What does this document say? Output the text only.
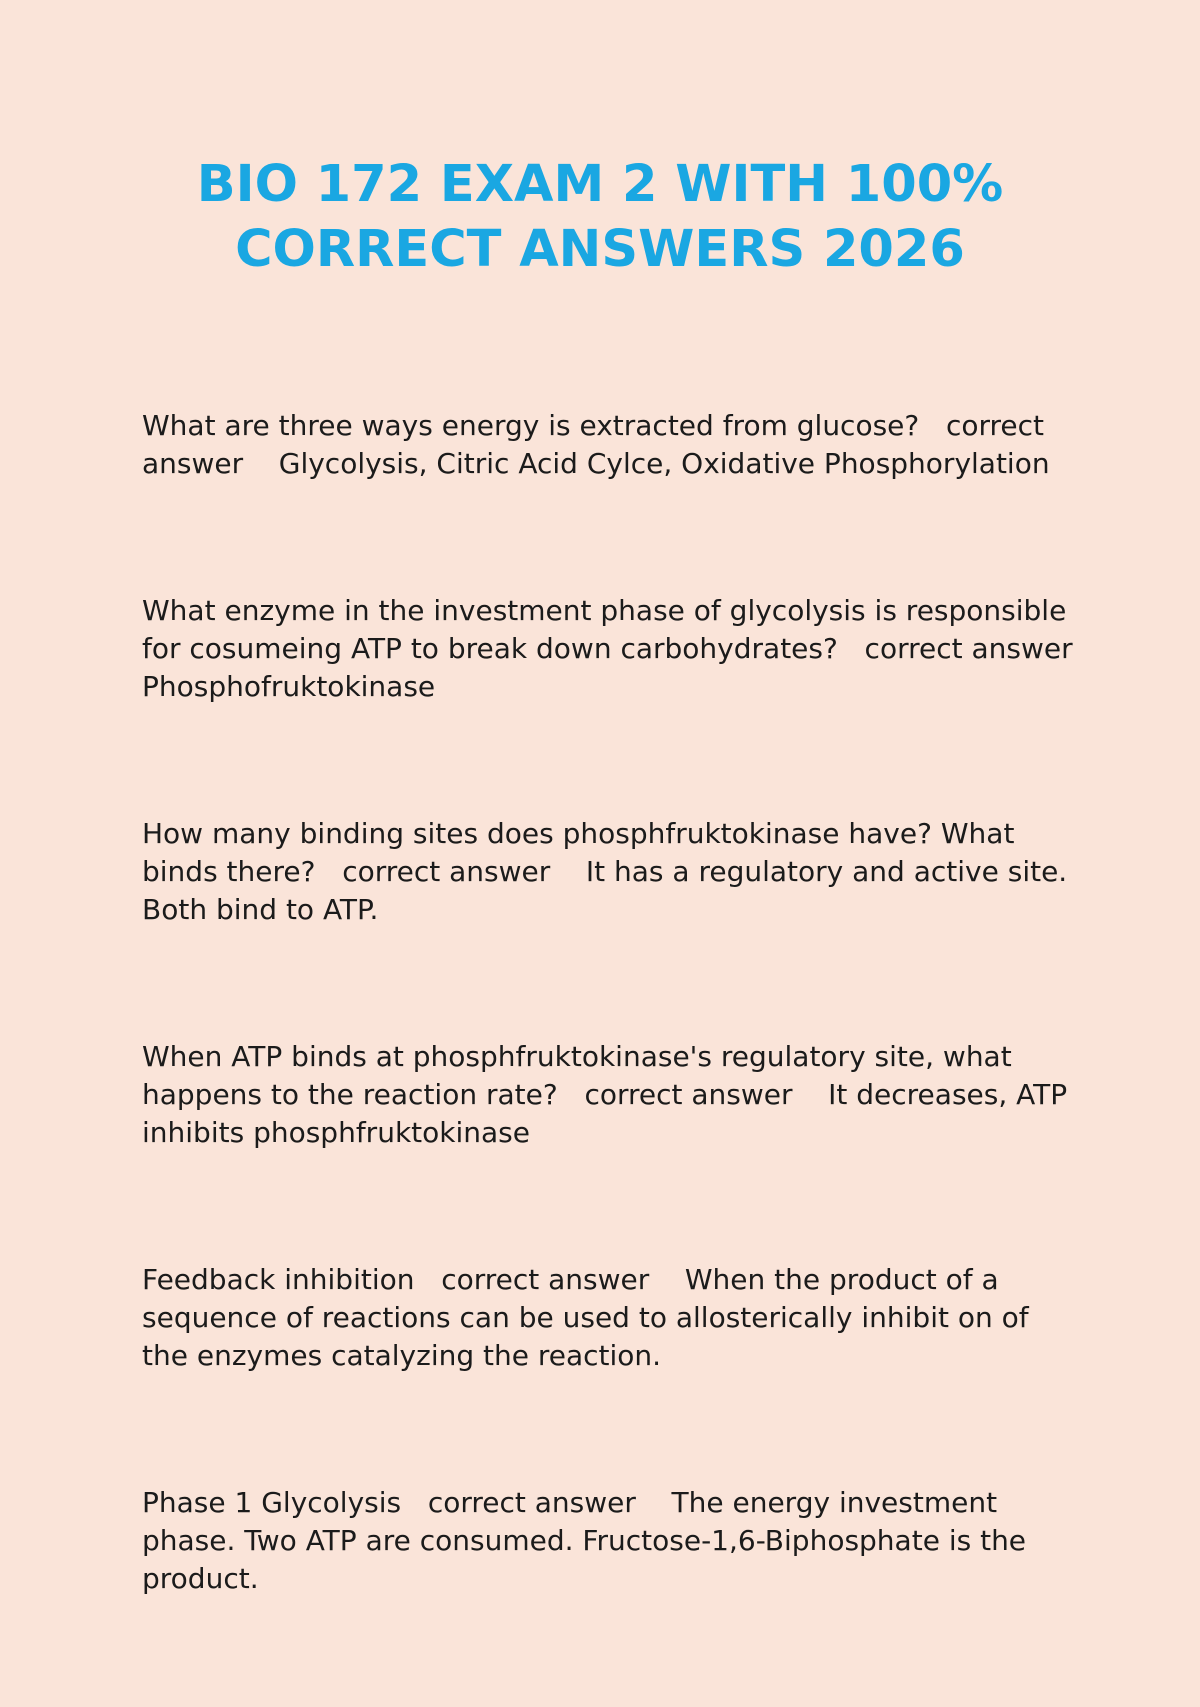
BIO 172 EXAM 2 WITH 100%
CORRECT ANSWERS 2026

What are three ways energy is extracted from glucose? correct answer Glycolysis, Citric Acid Cylce, Oxidative Phosphorylation

What enzyme in the investment phase of glycolysis is responsible for cosumeing ATP to break down carbohydrates? correct answer Phosphofruktokinase

How many binding sites does phosphfruktokinase have? What binds there? correct answer It has a regulatory and active site. Both bind to ATP.

When ATP binds at phosphfruktokinase's regulatory site, what happens to the reaction rate? correct answer It decreases, ATP inhibits phosphfruktokinase

Feedback inhibition correct answer When the product of a sequence of reactions can be used to allosterically inhibit on of the enzymes catalyzing the reaction.

Phase 1 Glycolysis correct answer The energy investment phase. Two ATP are consumed. Fructose-1,6-Biphosphate is the product.
